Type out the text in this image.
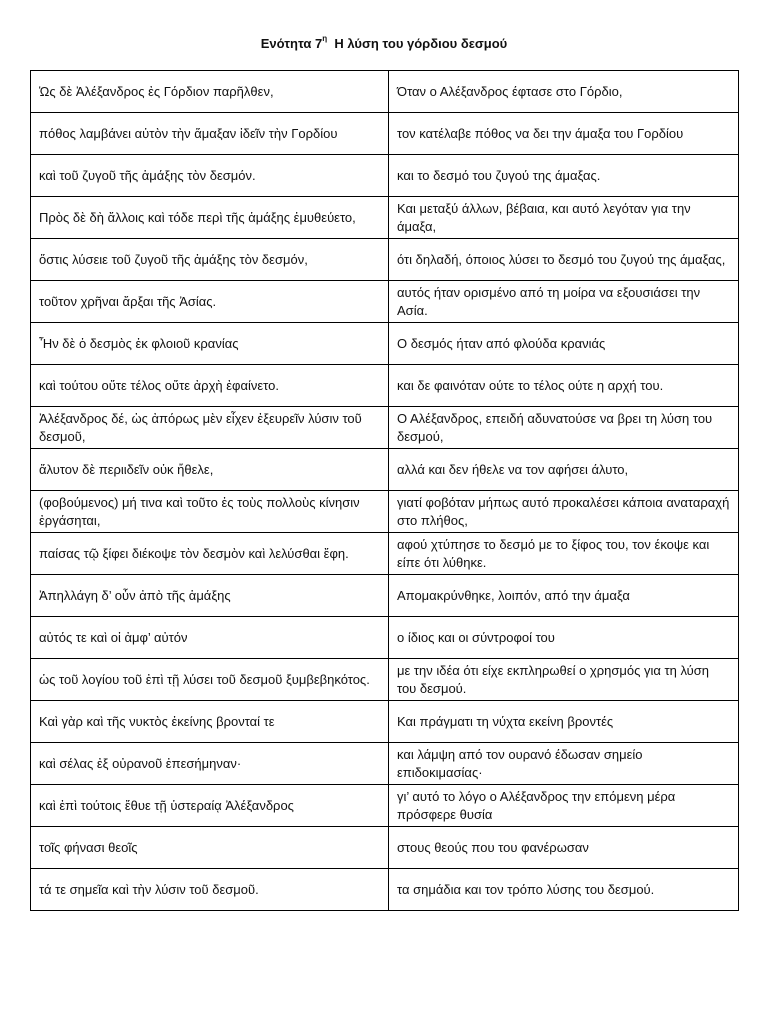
Ενότητα $7^\eta$ Η λύση του γόρδιου δεσμού
Ὡς δὲ Ἀλέξανδρος ἐς Γόρδιον παρῆλθεν,	Όταν ο Αλέξανδρος έφτασε στο Γόρδιο,
πόθος λαμβάνει αὐτὸν τὴν ἅμαξαν ἰδεῖν τὴν Γορδίου	τον κατέλαβε πόθος να δει την άμαξα του Γορδίου
καὶ τοῦ ζυγοῦ τῆς ἁμάξης τὸν δεσμόν.	και το δεσμό του ζυγού της άμαξας.
Πρὸς δὲ δὴ ἄλλοις καὶ τόδε περὶ τῆς ἁμάξης ἐμυθεύετο,	Και μεταξύ άλλων, βέβαια, και αυτό λεγόταν για την άμαξα,
ὅστις λύσειε τοῦ ζυγοῦ τῆς ἁμάξης τὸν δεσμόν,	ότι δηλαδή, όποιος λύσει το δεσμό του ζυγού της άμαξας,
τοῦτον χρῆναι ἄρξαι τῆς Ἀσίας.	αυτός ήταν ορισμένο από τη μοίρα να εξουσιάσει την Ασία.
Ἦν δὲ ὁ δεσμὸς ἐκ φλοιοῦ κρανίας	Ο δεσμός ήταν από φλούδα κρανιάς
καὶ τούτου οὔτε τέλος οὔτε ἀρχὴ ἐφαίνετο.	και δε φαινόταν ούτε το τέλος ούτε η αρχή του.
Ἀλέξανδρος δέ, ὡς ἀπόρως μὲν εἶχεν ἐξευρεῖν λύσιν τοῦ δεσμοῦ,	Ο Αλέξανδρος, επειδή αδυνατούσε να βρει τη λύση του δεσμού,
ἄλυτον δὲ περιιδεῖν οὐκ ἤθελε,	αλλά και δεν ήθελε να τον αφήσει άλυτο,
(φοβούμενος) μή τινα καὶ τοῦτο ἐς τοὺς πολλοὺς κίνησιν ἐργάσηται,	γιατί φοβόταν μήπως αυτό προκαλέσει κάποια αναταραχή στο πλήθος,
παίσας τῷ ξίφει διέκοψε τὸν δεσμὸν καὶ λελύσθαι ἔφη.	αφού χτύπησε το δεσμό με το ξίφος του, τον έκοψε και είπε ότι λύθηκε.
Ἀπηλλάγη δ’ οὖν ἀπὸ τῆς ἁμάξης	Απομακρύνθηκε, λοιπόν, από την άμαξα
αὐτός τε καὶ οἱ ἀμφ’ αὐτόν	ο ίδιος και οι σύντροφοί του
ὡς τοῦ λογίου τοῦ ἐπὶ τῇ λύσει τοῦ δεσμοῦ ξυμβεβηκότος.	με την ιδέα ότι είχε εκπληρωθεί ο χρησμός για τη λύση του δεσμού.
Καὶ γὰρ καὶ τῆς νυκτὸς ἐκείνης βρονταί τε	Και πράγματι τη νύχτα εκείνη βροντές
καὶ σέλας ἐξ οὐρανοῦ ἐπεσήμηναν·	και λάμψη από τον ουρανό έδωσαν σημείο επιδοκιμασίας·
καὶ ἐπὶ τούτοις ἔθυε τῇ ὑστεραίᾳ Ἀλέξανδρος	γι’ αυτό το λόγο ο Αλέξανδρος την επόμενη μέρα πρόσφερε θυσία
τοῖς φήνασι θεοῖς	στους θεούς που του φανέρωσαν
τά τε σημεῖα καὶ τὴν λύσιν τοῦ δεσμοῦ.	τα σημάδια και τον τρόπο λύσης του δεσμού.
